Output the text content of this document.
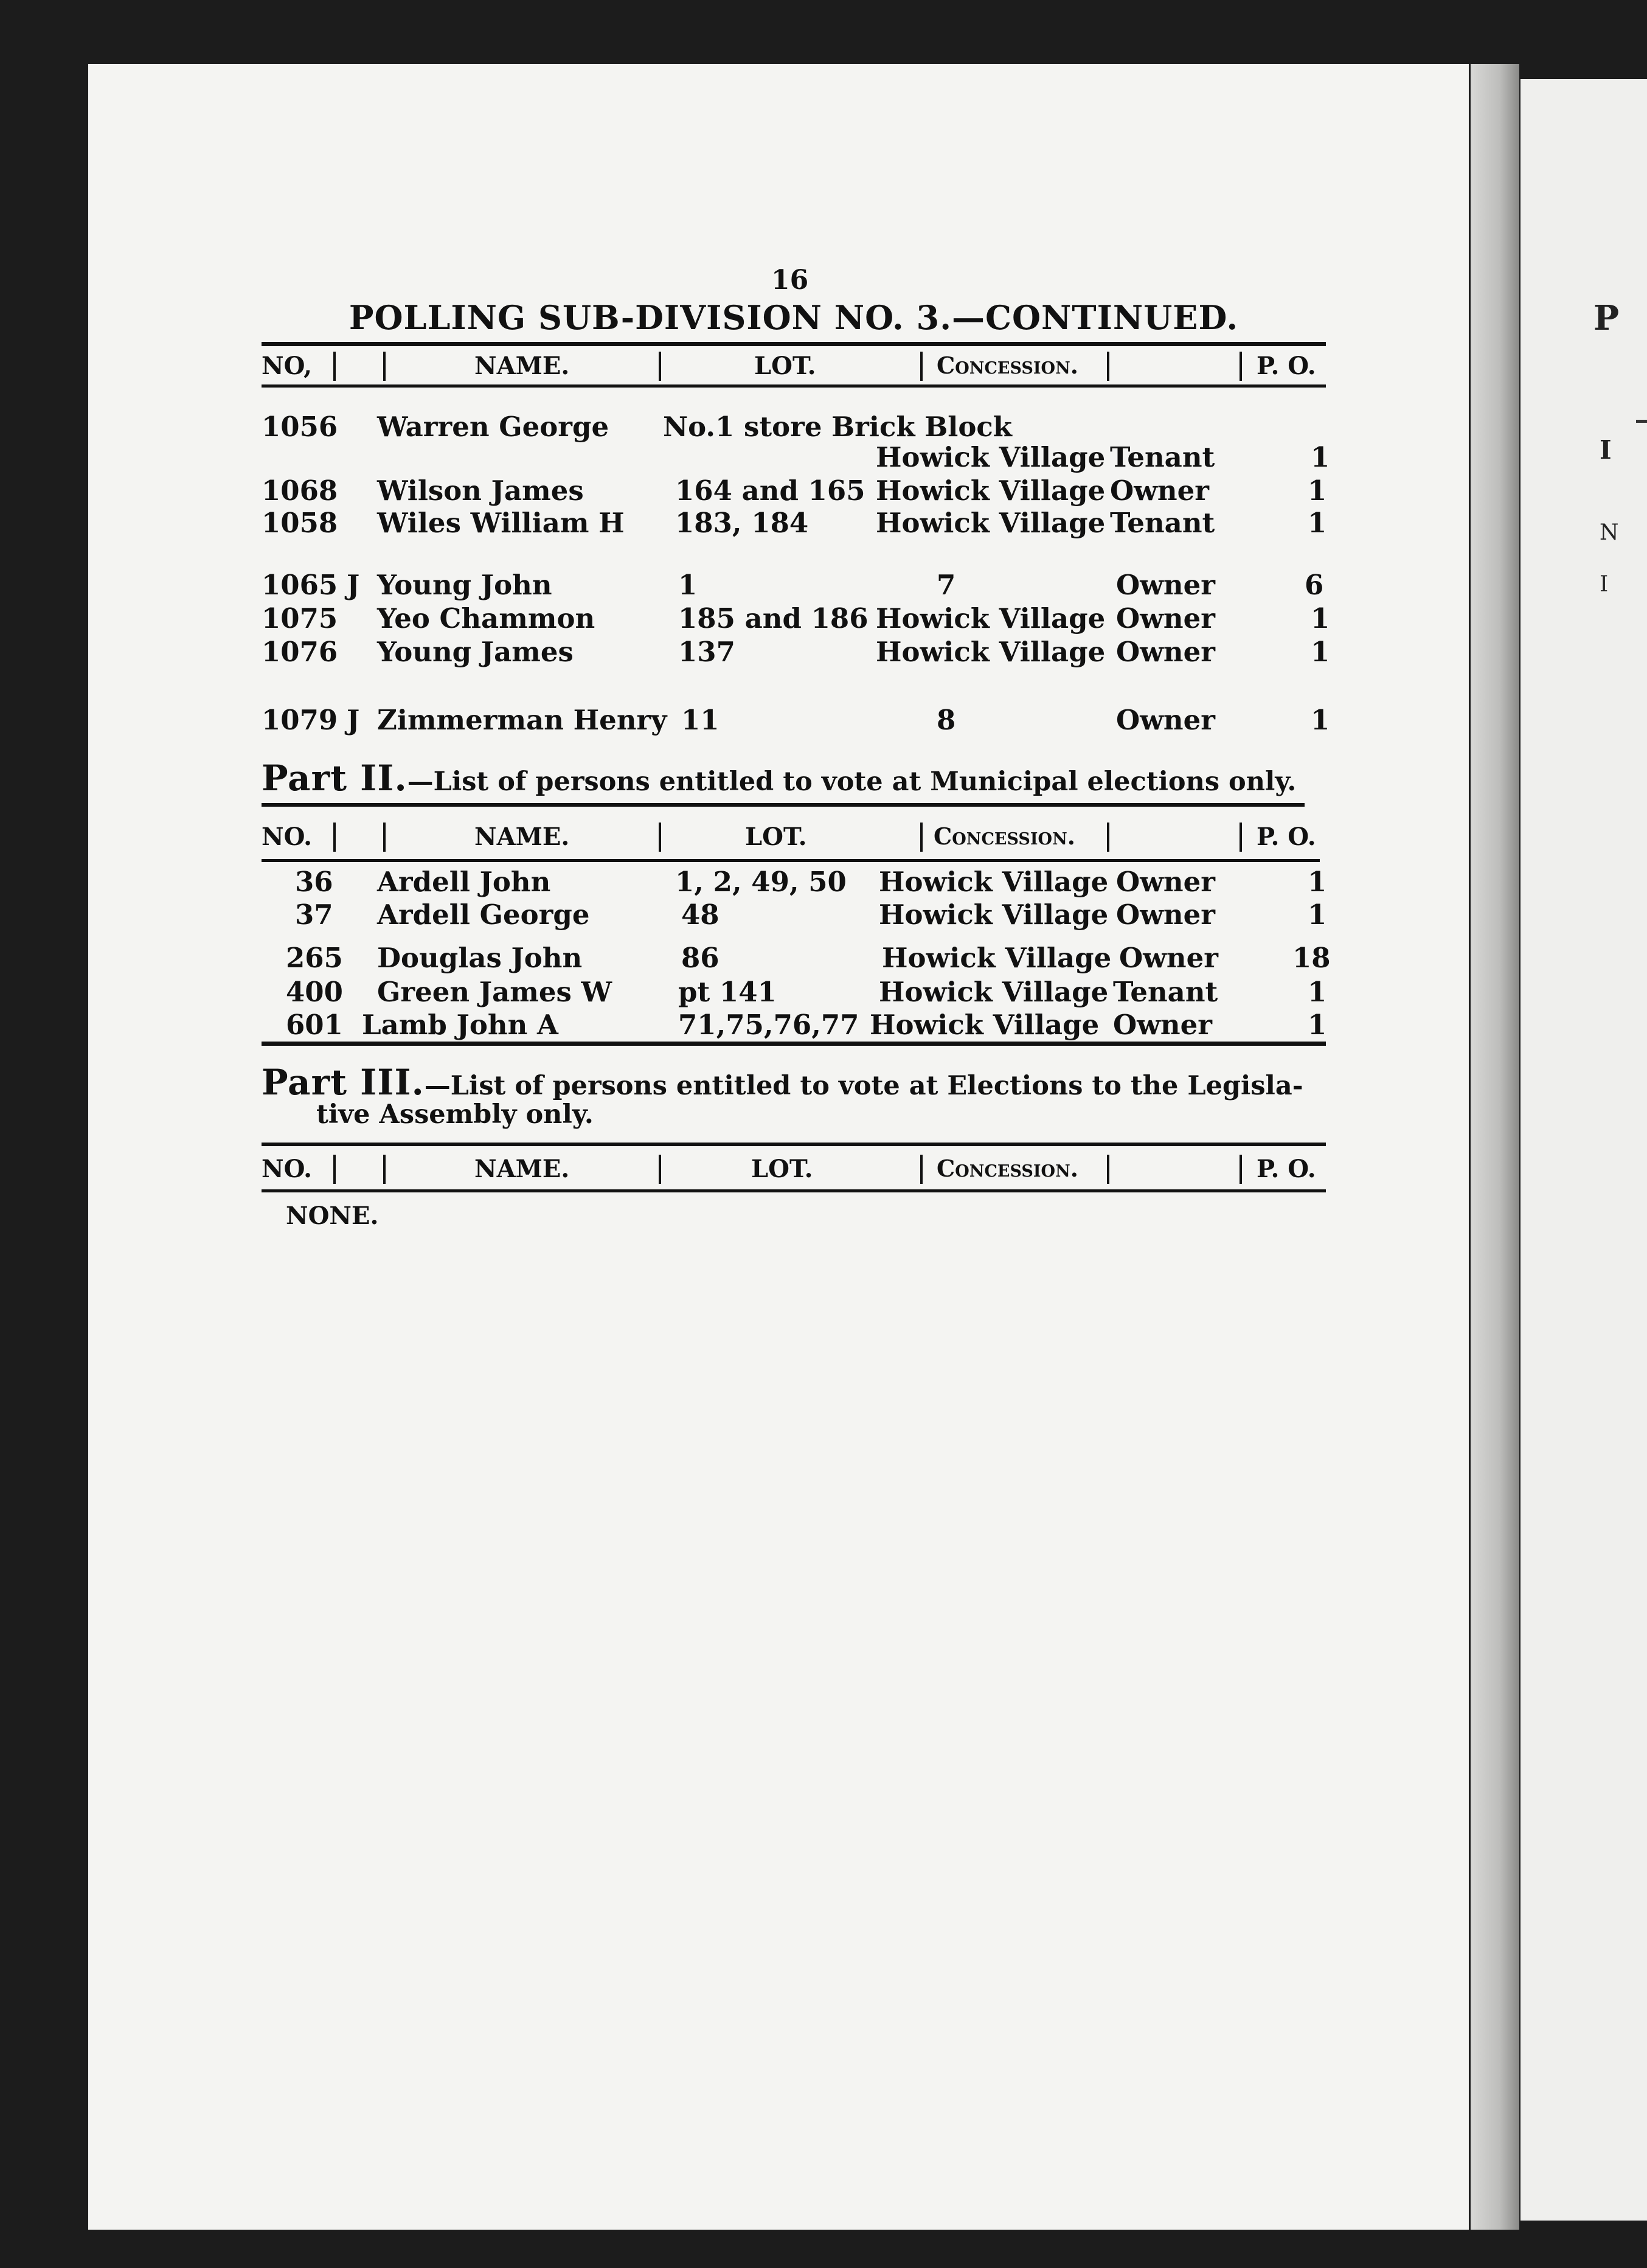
P
I
N
I
16
POLLING SUB-DIVISION NO. 3.—CONTINUED.
NO,	NAME.	LOT.	Concession.	P. O.
1056 Warren George No.1 store Brick Block
Howick Village Tenant	1
1068 Wilson James	164 and 165 Howick Village Owner	1
1058 Wiles William H 183, 184 Howick Village Tenant	1
1065 J Young John	1	7	Owner	6
1075 Yeo Chammon	185 and 186 Howick Village Owner	1
1076 Young James	137	Howick Village Owner	1
1079 J Zimmerman Henry 11	8	Owner	1
Part II.—List of persons entitled to vote at Municipal elections only.
NO.	NAME.	LOT.	Concession.	P. O.
36 Ardell John	1, 2, 49, 50 Howick Village Owner	1
37 Ardell George	48	Howick Village Owner	1
265 Douglas John	86	Howick Village Owner	18
400 Green James W pt 141	Howick Village Tenant	1
601 Lamb John A	71,75,76,77 Howick Village Owner	1
Part III.—List of persons entitled to vote at Elections to the Legisla-
tive Assembly only.
NO.	NAME.	LOT.	Concession.	P. O.
NONE.
